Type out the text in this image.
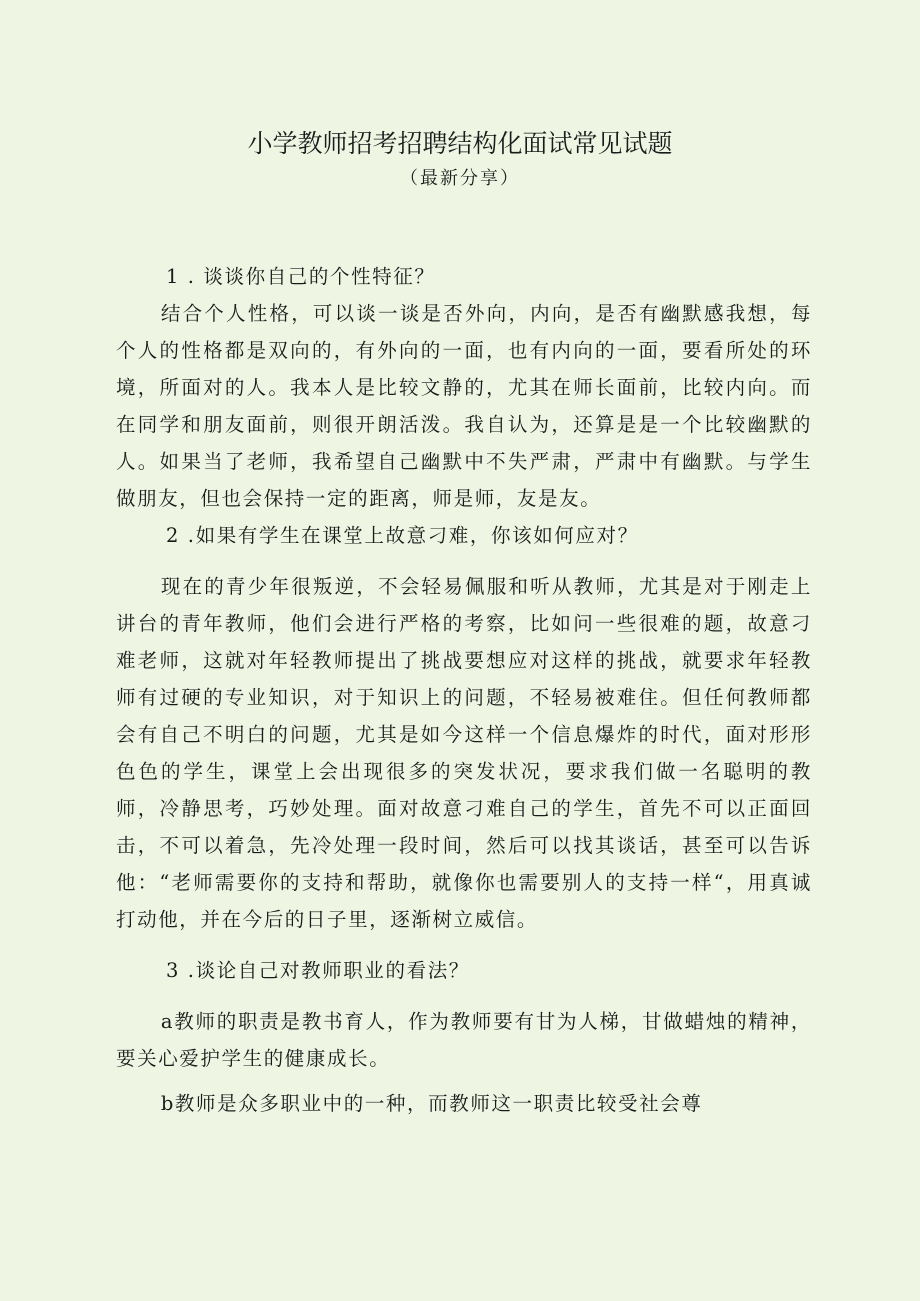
小学教师招考招聘结构化面试常见试题
（最新分享）
1 . 谈谈你自己的个性特征？

结合个人性格，可以谈一谈是否外向，内向，是否有幽默感我想，每个人的性格都是双向的，有外向的一面，也有内向的一面，要看所处的环境，所面对的人。我本人是比较文静的，尤其在师长面前，比较内向。而在同学和朋友面前，则很开朗活泼。我自认为，还算是是一个比较幽默的人。如果当了老师，我希望自己幽默中不失严肃，严肃中有幽默。与学生做朋友，但也会保持一定的距离，师是师，友是友。

2 .如果有学生在课堂上故意刁难，你该如何应对？

现在的青少年很叛逆，不会轻易佩服和听从教师，尤其是对于刚走上讲台的青年教师，他们会进行严格的考察，比如问一些很难的题，故意刁难老师，这就对年轻教师提出了挑战要想应对这样的挑战，就要求年轻教师有过硬的专业知识，对于知识上的问题，不轻易被难住。但任何教师都会有自己不明白的问题，尤其是如今这样一个信息爆炸的时代，面对形形色色的学生，课堂上会出现很多的突发状况，要求我们做一名聪明的教师，冷静思考，巧妙处理。面对故意刁难自己的学生，首先不可以正面回击，不可以着急，先冷处理一段时间，然后可以找其谈话，甚至可以告诉他：“老师需要你的支持和帮助，就像你也需要别人的支持一样“，用真诚打动他，并在今后的日子里，逐渐树立威信。

3 .谈论自己对教师职业的看法？

a教师的职责是教书育人，作为教师要有甘为人梯，甘做蜡烛的精神，要关心爱护学生的健康成长。

b教师是众多职业中的一种，而教师这一职责比较受社会尊
